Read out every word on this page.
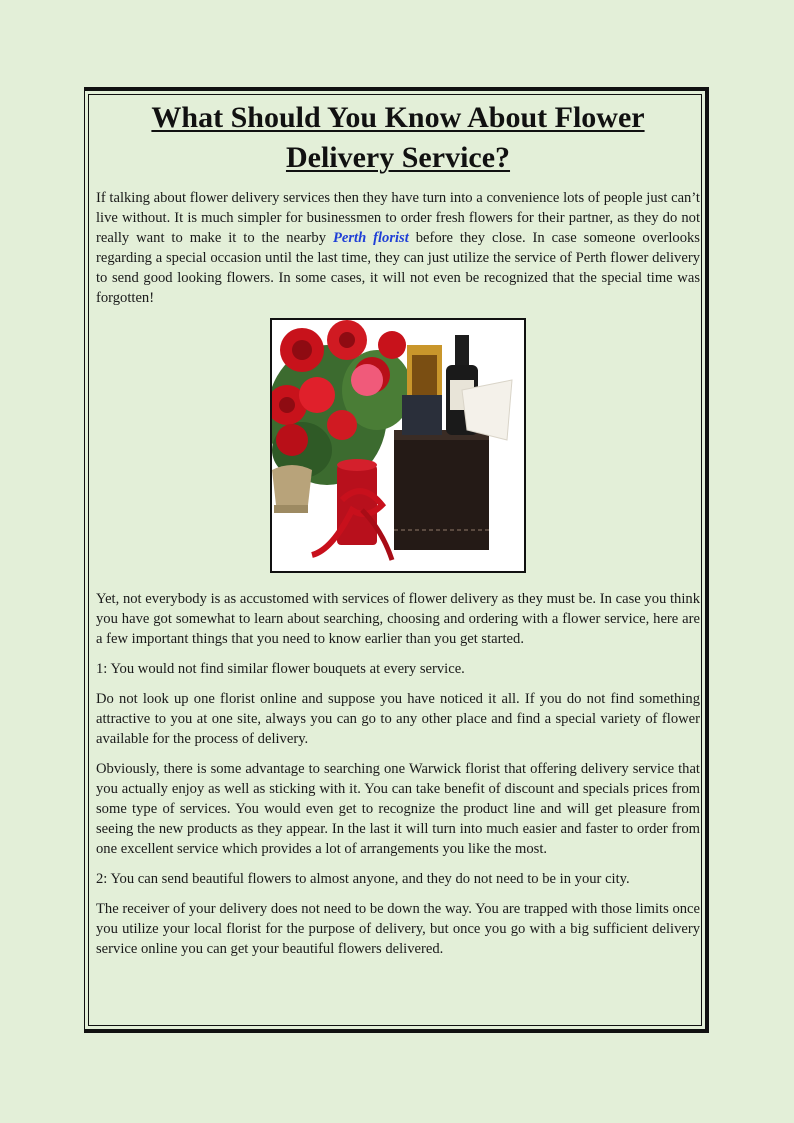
What Should You Know About Flower Delivery Service?

If talking about flower delivery services then they have turn into a convenience lots of people just can’t live without. It is much simpler for businessmen to order fresh flowers for their partner, as they do not really want to make it to the nearby Perth florist before they close. In case someone overlooks regarding a special occasion until the last time, they can just utilize the service of Perth flower delivery to send good looking flowers. In some cases, it will not even be recognized that the special time was forgotten!

Yet, not everybody is as accustomed with services of flower delivery as they must be. In case you think you have got somewhat to learn about searching, choosing and ordering with a flower service, here are a few important things that you need to know earlier than you get started.

1: You would not find similar flower bouquets at every service.

Do not look up one florist online and suppose you have noticed it all. If you do not find something attractive to you at one site, always you can go to any other place and find a special variety of flower available for the process of delivery.

Obviously, there is some advantage to searching one Warwick florist that offering delivery service that you actually enjoy as well as sticking with it. You can take benefit of discount and specials prices from some type of services. You would even get to recognize the product line and will get pleasure from seeing the new products as they appear. In the last it will turn into much easier and faster to order from one excellent service which provides a lot of arrangements you like the most.

2: You can send beautiful flowers to almost anyone, and they do not need to be in your city.

The receiver of your delivery does not need to be down the way. You are trapped with those limits once you utilize your local florist for the purpose of delivery, but once you go with a big sufficient delivery service online you can get your beautiful flowers delivered.
